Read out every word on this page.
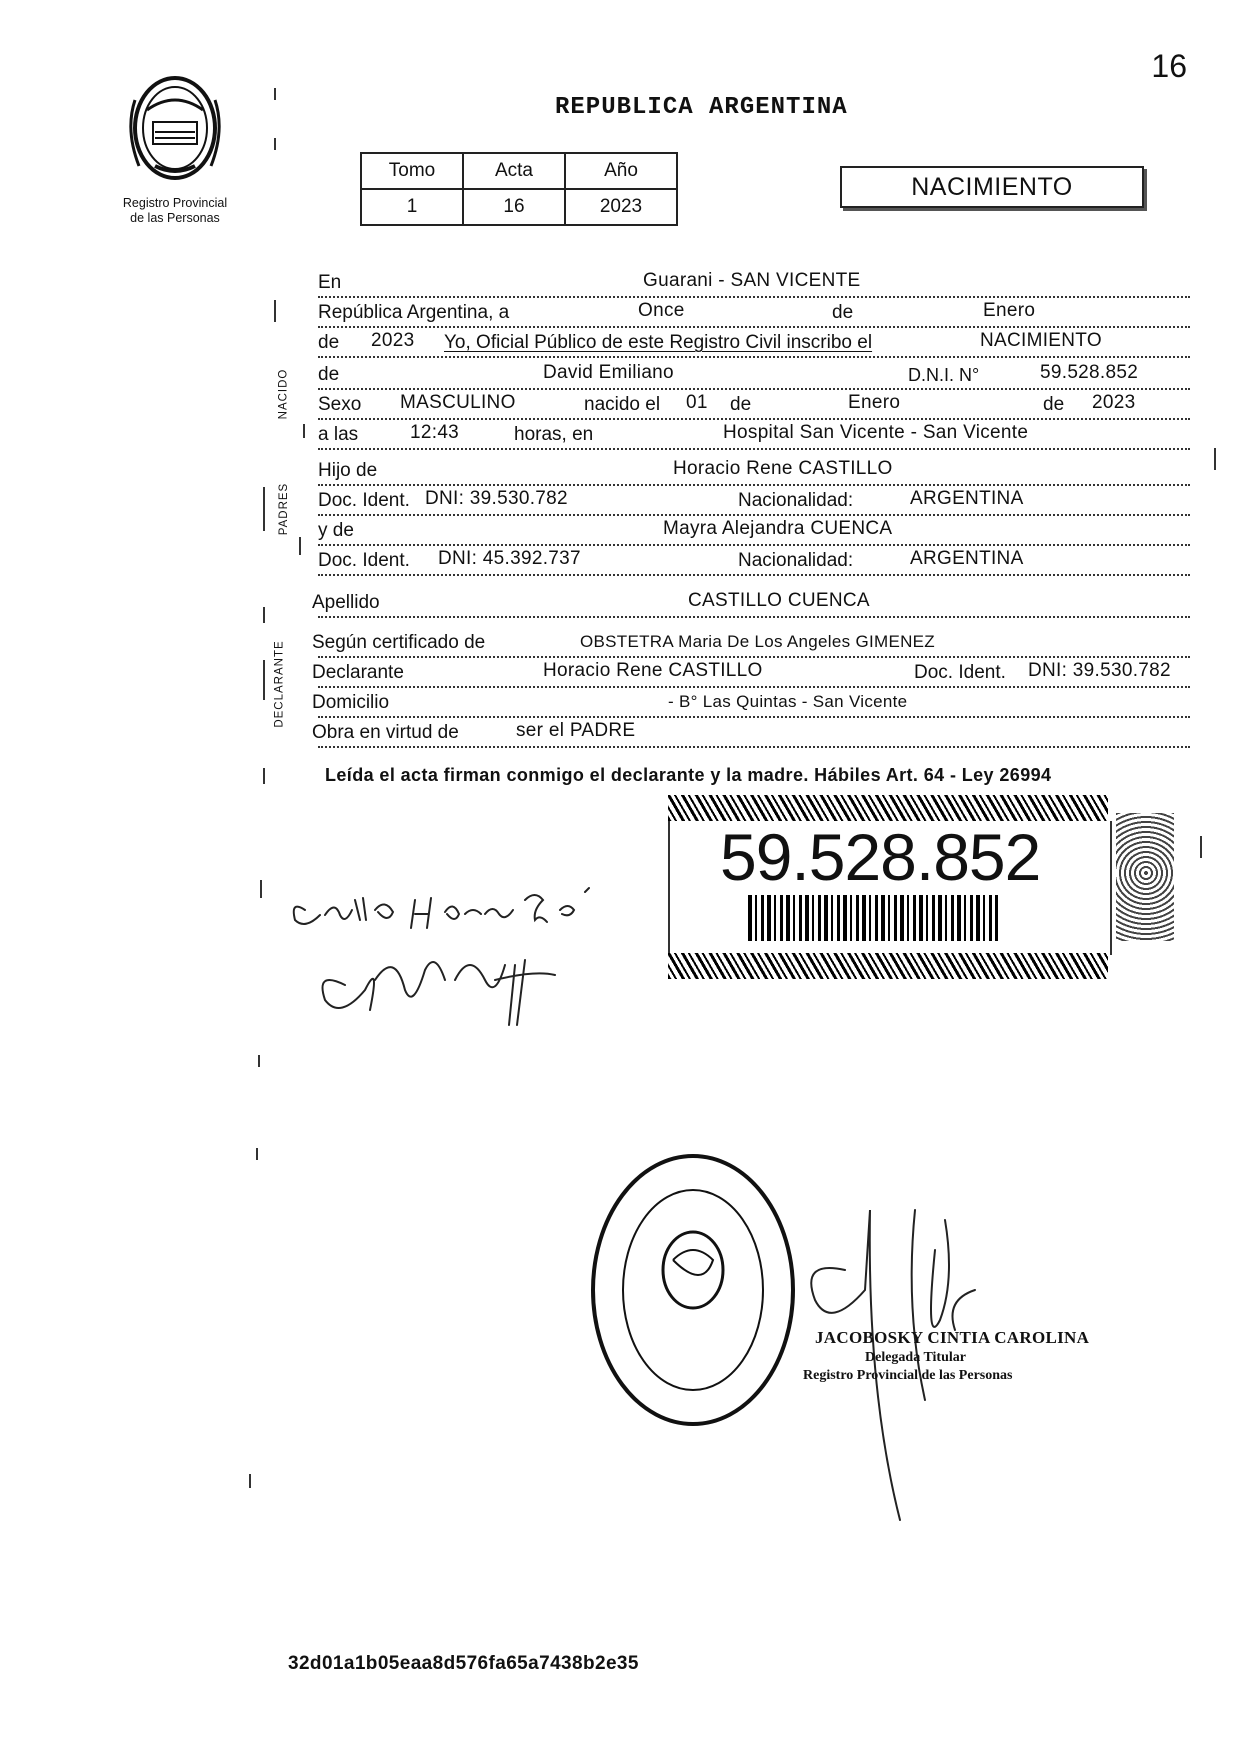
16
Registro Provincial
de las Personas
REPUBLICA ARGENTINA
Tomo	Acta	Año
1	16	2023
NACIMIENTO
NACIDO
PADRES
DECLARANTE
En	Guarani - SAN VICENTE
República Argentina, a	Once	de	Enero
de 2023 Yo, Oficial Público de este Registro Civil inscribo el	NACIMIENTO
de	David Emiliano	D.N.I. N°	59.528.852
Sexo MASCULINO	nacido el 01 de	Enero	de 2023
a las	12:43	horas, en	Hospital San Vicente - San Vicente
Hijo de	Horacio Rene CASTILLO
Doc. Ident. DNI: 39.530.782	Nacionalidad:	ARGENTINA
y de	Mayra Alejandra CUENCA
Doc. Ident. DNI: 45.392.737	Nacionalidad:	ARGENTINA
Apellido	CASTILLO CUENCA
Según certificado de	OBSTETRA Maria De Los Angeles GIMENEZ
Declarante	Horacio Rene CASTILLO	Doc. Ident. DNI: 39.530.782
Domicilio	- B° Las Quintas - San Vicente
Obra en virtud de	ser el PADRE
Leída el acta firman conmigo el declarante y la madre. Hábiles Art. 64 - Ley 26994
59.528.852
JACOBOSKY CINTIA CAROLINA
Delegada Titular
Registro Provincial de las Personas
32d01a1b05eaa8d576fa65a7438b2e35
